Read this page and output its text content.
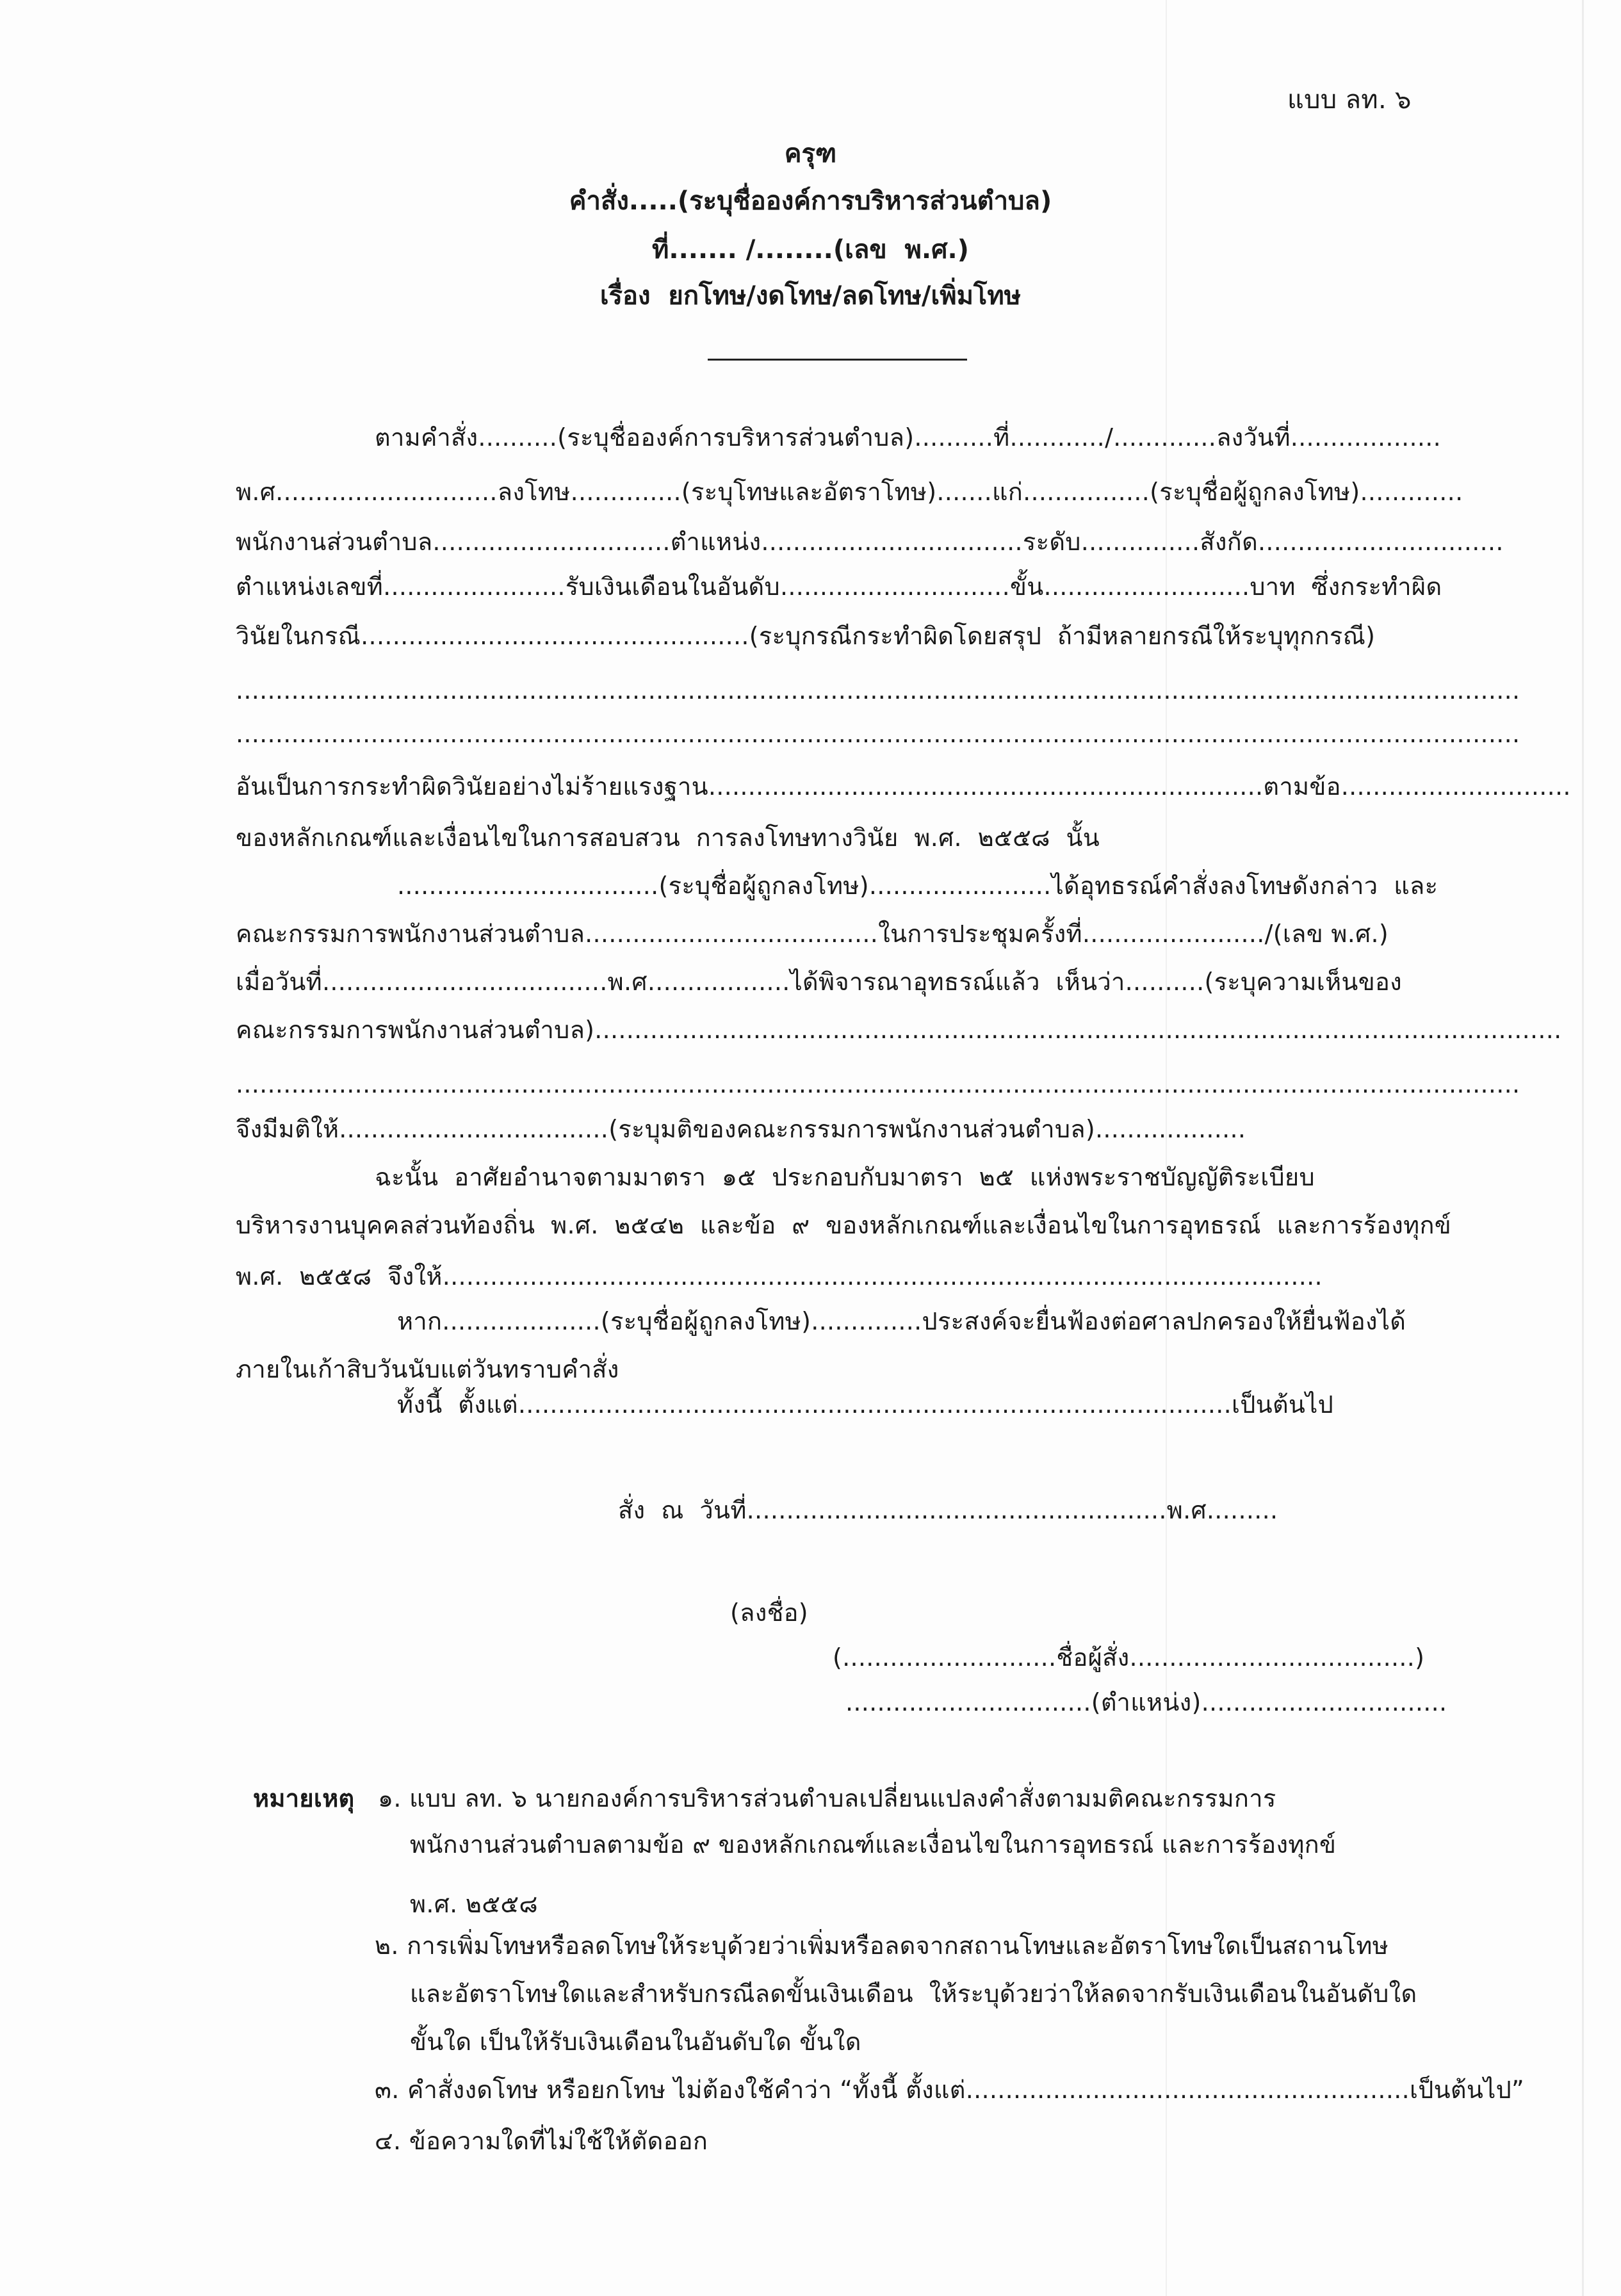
แบบ ลท. ๖
ครุฑ
คำสั่ง.....(ระบุชื่อองค์การบริหารส่วนตำบล)
ที่....... /........(เลข  พ.ศ.)
เรื่อง  ยกโทษ/งดโทษ/ลดโทษ/เพิ่มโทษ
ตามคำสั่ง..........(ระบุชื่อองค์การบริหารส่วนตำบล)..........ที่............/.............ลงวันที่...................
พ.ศ............................ลงโทษ..............(ระบุโทษและอัตราโทษ).......แก่................(ระบุชื่อผู้ถูกลงโทษ).............
พนักงานส่วนตำบล..............................ตำแหน่ง.................................ระดับ...............สังกัด...............................
ตำแหน่งเลขที่.......................รับเงินเดือนในอันดับ.............................ขั้น..........................บาท  ซึ่งกระทำผิด
วินัยในกรณี.................................................(ระบุกรณีกระทำผิดโดยสรุป  ถ้ามีหลายกรณีให้ระบุทุกกรณี)
..................................................................................................................................................................
..................................................................................................................................................................
อันเป็นการกระทำผิดวินัยอย่างไม่ร้ายแรงฐาน......................................................................ตามข้อ.............................
ของหลักเกณฑ์และเงื่อนไขในการสอบสวน  การลงโทษทางวินัย  พ.ศ.  ๒๕๕๘  นั้น
.................................(ระบุชื่อผู้ถูกลงโทษ).......................ได้อุทธรณ์คำสั่งลงโทษดังกล่าว  และ
คณะกรรมการพนักงานส่วนตำบล.....................................ในการประชุมครั้งที่......................./(เลข พ.ศ.)
เมื่อวันที่....................................พ.ศ..................ได้พิจารณาอุทธรณ์แล้ว  เห็นว่า..........(ระบุความเห็นของ
คณะกรรมการพนักงานส่วนตำบล)..........................................................................................................................
..................................................................................................................................................................
จึงมีมติให้..................................(ระบุมติของคณะกรรมการพนักงานส่วนตำบล)...................
ฉะนั้น  อาศัยอำนาจตามมาตรา  ๑๕  ประกอบกับมาตรา  ๒๕  แห่งพระราชบัญญัติระเบียบ
บริหารงานบุคคลส่วนท้องถิ่น  พ.ศ.  ๒๕๔๒  และข้อ  ๙  ของหลักเกณฑ์และเงื่อนไขในการอุทธรณ์  และการร้องทุกข์
พ.ศ.  ๒๕๕๘  จึงให้...............................................................................................................
หาก....................(ระบุชื่อผู้ถูกลงโทษ)..............ประสงค์จะยื่นฟ้องต่อศาลปกครองให้ยื่นฟ้องได้
ภายในเก้าสิบวันนับแต่วันทราบคำสั่ง
ทั้งนี้  ตั้งแต่..........................................................................................เป็นต้นไป
สั่ง  ณ  วันที่.....................................................พ.ศ.........
(ลงชื่อ)
(...........................ชื่อผู้สั่ง....................................)
...............................(ตำแหน่ง)...............................
หมายเหตุ ๑. แบบ ลท. ๖ นายกองค์การบริหารส่วนตำบลเปลี่ยนแปลงคำสั่งตามมติคณะกรรมการ
พนักงานส่วนตำบลตามข้อ ๙ ของหลักเกณฑ์และเงื่อนไขในการอุทธรณ์ และการร้องทุกข์
พ.ศ. ๒๕๕๘
๒. การเพิ่มโทษหรือลดโทษให้ระบุด้วยว่าเพิ่มหรือลดจากสถานโทษและอัตราโทษใดเป็นสถานโทษ
และอัตราโทษใดและสำหรับกรณีลดขั้นเงินเดือน  ให้ระบุด้วยว่าให้ลดจากรับเงินเดือนในอันดับใด
ขั้นใด เป็นให้รับเงินเดือนในอันดับใด ขั้นใด
๓. คำสั่งงดโทษ หรือยกโทษ ไม่ต้องใช้คำว่า “ทั้งนี้ ตั้งแต่........................................................เป็นต้นไป”
๔. ข้อความใดที่ไม่ใช้ให้ตัดออก
